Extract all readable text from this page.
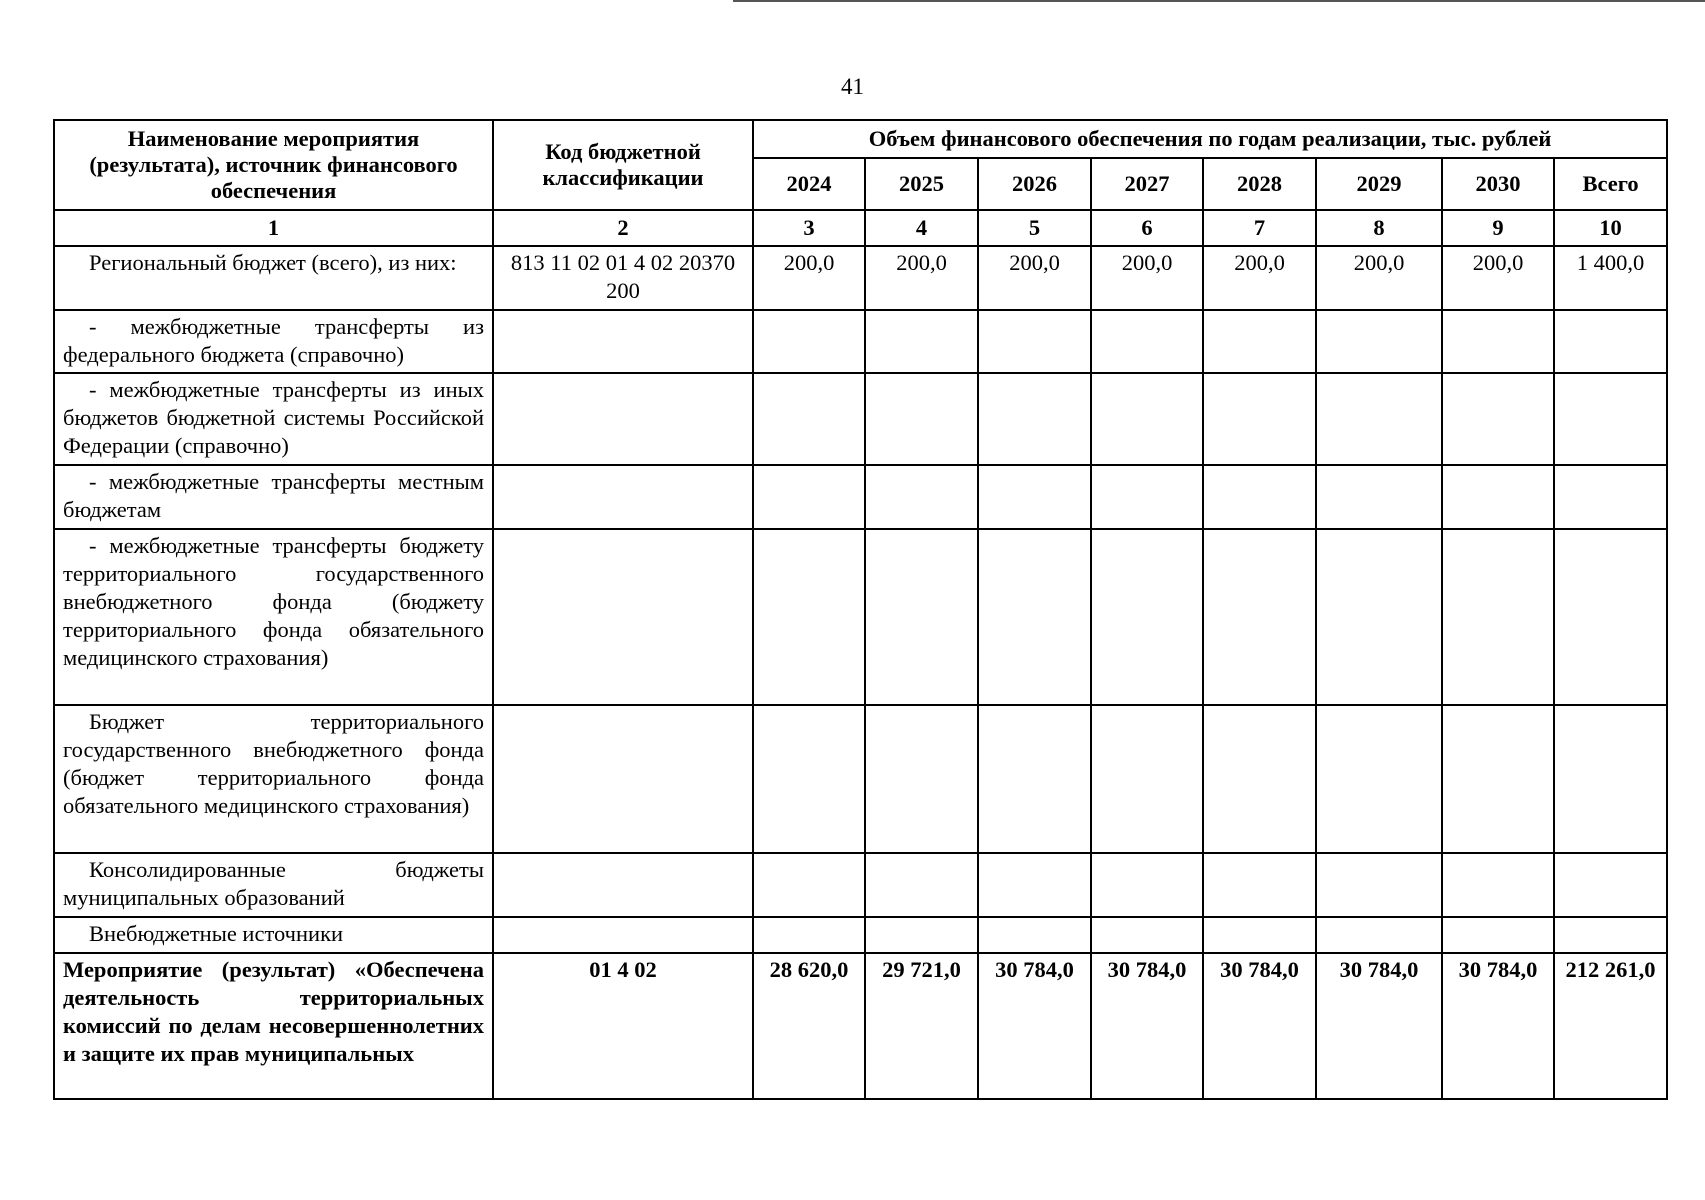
41
Наименование мероприятия (результата), источник финансового обеспечения	Код бюджетной классификации	Объем финансового обеспечения по годам реализации, тыс. рублей							
		2024	2025	2026	2027	2028	2029	2030	Всего
1	2	3	4	5	6	7	8	9	10
Региональный бюджет (всего), из них:	813 11 02 01 4 02 20370 200	200,0	200,0	200,0	200,0	200,0	200,0	200,0	1 400,0
- межбюджетные трансферты из федерального бюджета (справочно)									
- межбюджетные трансферты из иных бюджетов бюджетной системы Российской Федерации (справочно)									
- межбюджетные трансферты местным бюджетам									
- межбюджетные трансферты бюджету территориального государственного внебюджетного фонда (бюджету территориального фонда обязательного медицинского страхования)									
Бюджет территориального государственного внебюджетного фонда (бюджет территориального фонда обязательного медицинского страхования)									
Консолидированные бюджеты муниципальных образований									
Внебюджетные источники									
Мероприятие (результат) «Обеспечена деятельность территориальных комиссий по делам несовершеннолетних и защите их прав муниципальных	01 4 02	28 620,0	29 721,0	30 784,0	30 784,0	30 784,0	30 784,0	30 784,0	212 261,0
